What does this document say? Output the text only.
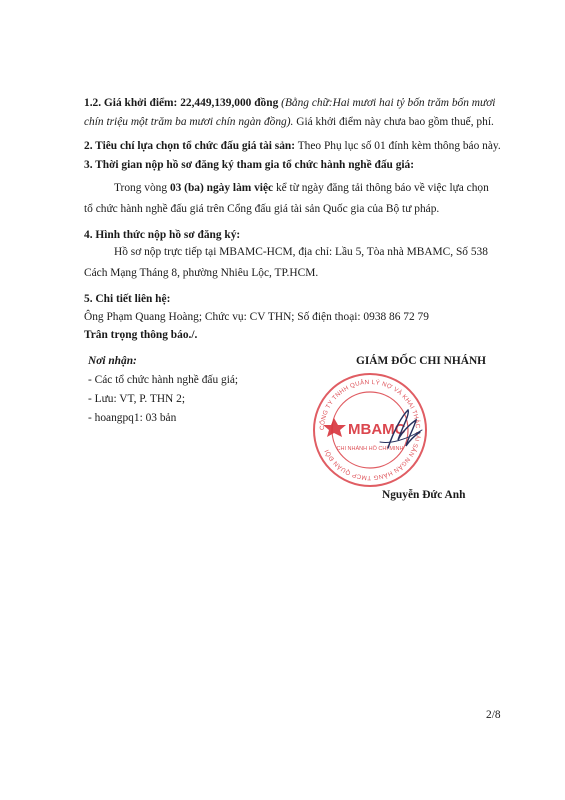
1.2. Giá khởi điểm: 22,449,139,000 đồng (Bằng chữ:Hai mươi hai tỷ bốn trăm bốn mươi
chín triệu một trăm ba mươi chín ngàn đồng). Giá khởi điểm này chưa bao gồm thuế, phí.
2. Tiêu chí lựa chọn tổ chức đấu giá tài sản: Theo Phụ lục số 01 đính kèm thông báo này.
3. Thời gian nộp hồ sơ đăng ký tham gia tổ chức hành nghề đấu giá:
Trong vòng 03 (ba) ngày làm việc kể từ ngày đăng tải thông báo về việc lựa chọn
tổ chức hành nghề đấu giá trên Cổng đấu giá tài sản Quốc gia của Bộ tư pháp.
4. Hình thức nộp hồ sơ đăng ký:
Hồ sơ nộp trực tiếp tại MBAMC-HCM, địa chỉ: Lầu 5, Tòa nhà MBAMC, Số 538
Cách Mạng Tháng 8, phường Nhiêu Lộc, TP.HCM.
5. Chi tiết liên hệ:
Ông Phạm Quang Hoàng; Chức vụ: CV THN; Số điện thoại: 0938 86 72 79
Trân trọng thông báo./.
Nơi nhận:
- Các tổ chức hành nghề đấu giá;
- Lưu: VT, P. THN 2;
- hoangpq1: 03 bản
GIÁM ĐỐC CHI NHÁNH
CÔNG TY TNHH QUẢN LÝ NỢ VÀ KHAI THÁC TÀI SẢN NGÂN HÀNG TMCP QUÂN ĐỘI
MBAMC
CHI NHÁNH HỒ CHÍ MINH
Nguyễn Đức Anh
2/8
